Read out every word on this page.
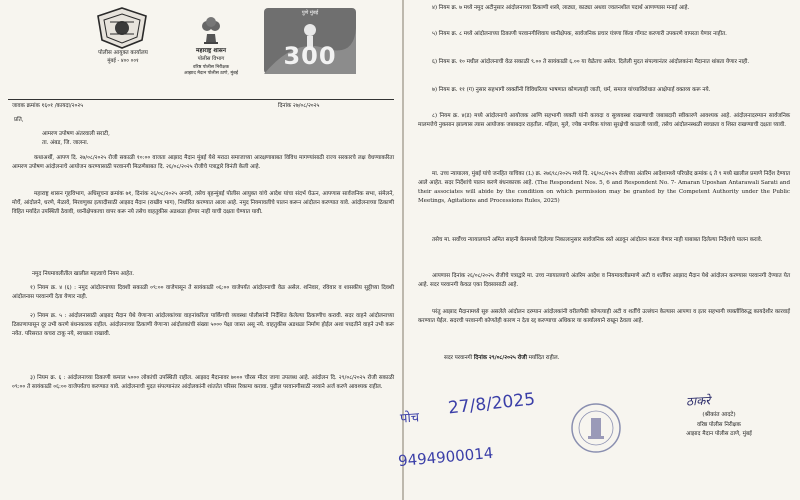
पोलीस आयुक्त कार्यालय
मुंबई - ४०० ००१
महाराष्ट्र शासन
पोलीस विभाग
वरिष्ठ पोलीस निरीक्षक
आझाद मैदान पोलीस ठाणे, मुंबई
300
पुणे मुंबई
जावक क्रमांक १६०१ /कायदा/२०२५	दिनांक २७/०८/२०२५
प्रति,
आमरण उपोषण अंतरवाली सराटी,
ता. अंबड, जि. जालना.
कथाअर्थी, आपण दि. २७/०८/२०२५ रोजी सकाळी १०:०० वाजता आझाद मैदान मुंबई येथे मराठा समाजाच्या आरक्षणाबाबत विविध मागण्यांसाठी राज्य सरकारचे लक्ष वेधण्याकरिता आमरण उपोषण आंदोलनाचे आयोजन करण्यासाठी परवानगी मिळणेबाबत दि. २६/०८/२०२५ रोजीचे पत्राद्वारे विनंती केली आहे.
महाराष्ट्र शासन गृहविभाग, अधिसूचना क्रमांक ७१, दिनांक २६/०८/२०२५ अन्वये, तसेच बृहन्मुंबई पोलीस आयुक्त यांचे आदेश यांचा संदर्भ घेऊन, आपणास सार्वजनिक सभा, संमेलने, मोर्चे, आंदोलने, धरणे, मेळावे, मिरवणुका इत्यादीसाठी आझाद मैदान (राखीव भाग), निर्धारित करण्यात आला आहे. नमुद नियमावलीचे पालन करून आंदोलन करण्यात यावे. आंदोलनाच्या ठिकाणी विहित मर्यादेत उपस्थिती ठेवावी, ध्वनीक्षेपकाचा वापर करू नये तसेच वाहतुकीस अडथळा होणार नाही याची दक्षता घेण्यात यावी.
नमुद नियमावलीतील खालील महत्वाचे नियम आहेत.
१) नियम क्र. ४ (६) : नमुद आंदोलनाच्या दिवशी सकाळी ०९:०० वाजेपासून ते सायंकाळी ०६:०० वाजेपर्यंत आंदोलनाची वेळ असेल. शनिवार, रविवार व शासकीय सुट्टीच्या दिवशी आंदोलनास परवानगी देता येणार नाही.
२) नियम क्र. ५ : आंदोलनासाठी आझाद मैदान येथे येणाऱ्या आंदोलकांच्या वाहनांकरिता पार्किंगची व्यवस्था पोलीसांनी निर्देशित केलेल्या ठिकाणीच करावी. सदर वाहने आंदोलनाच्या ठिकाणापासून दूर उभी करणे बंधनकारक राहील. आंदोलनाच्या ठिकाणी येणाऱ्या आंदोलकांची संख्या ५००० पेक्षा जास्त असू नये. वाहतुकीस अडथळा निर्माण होईल अशा पध्दतीने वाहने उभी करू नयेत. परिसरात कचरा टाकू नये, स्वच्छता राखावी.
३) नियम क्र. ६ : आंदोलनाच्या ठिकाणी कमाल ५००० लोकांची उपस्थिती राहील. आझाद मैदानावर ७००० चौरस मीटर जागा उपलब्ध आहे. आंदोलन दि. २९/०८/२०२५ रोजी सकाळी ०९:०० ते सायंकाळी ०६:०० वाजेपर्यंतच करण्यात यावे. आंदोलनाची मुदत संपल्यानंतर आंदोलकांनी शांततेत परिसर रिकामा करावा. पुढील परवानगीसाठी नव्याने अर्ज करणे आवश्यक राहील.
४) नियम क्र. ७ मध्ये नमुद अटीनुसार आंदोलनाच्या ठिकाणी शस्त्रे, लाठ्या, काठ्या अथवा ज्वलनशील पदार्थ आणण्यास मनाई आहे.
५) नियम क्र. ८ मध्ये आंदोलनाच्या ठिकाणी परवानगीशिवाय ध्वनीक्षेपक, सार्वजनिक प्रचार यंत्रणा किंवा गोंगाट करणारी उपकरणे वापरता येणार नाहीत.
६) नियम क्र. १० मधील आंदोलनाची वेळ सकाळी ९.०० ते सायंकाळी ६.०० या वेळेतच असेल. दिलेली मुदत संपल्यानंतर आंदोलकांना मैदानात थांबता येणार नाही.
७) नियम क्र. ११ (ग) नुसार सहभागी व्यक्तींनी विविधरित्या भाषणात कोणत्याही जाती, धर्म, समाज यांच्याविरोधात आक्षेपार्ह वक्तव्य करू नये.
८) नियम क्र. ४(ड) मध्ये आंदोलनाचे आयोजक आणि सहभागी व्यक्ती यांनी कायदा व सुव्यवस्था राखण्याची जबाबदारी स्वीकारणे आवश्यक आहे. आंदोलनादरम्यान सार्वजनिक मालमत्तेचे नुकसान झाल्यास त्यास आयोजक जबाबदार राहतील. महिला, मुले, ज्येष्ठ नागरिक यांच्या सुरक्षेची काळजी घ्यावी, तसेच आंदोलनस्थळी स्वच्छता व शिस्त राखण्याची दक्षता घ्यावी.
मा. उच्च न्यायालय, मुंबई यांचे जनहित याचिका (L) क्र. २७६९८/२०२५ मध्ये दि. २६/०८/२०२५ रोजीच्या अंतरिम आदेशामध्ये परिच्छेद क्रमांक ६ ते ९ मध्ये खालील प्रमाणे निर्देश देण्यात आले आहेत. सदर निर्देशांचे पालन करणे बंधनकारक आहे. (The Respondent Nos. 5, 6 and Respondent No. 7- Amaran Uposhan Antarawali Sarati and their associates will abide by the condition on which permission may be granted by the Competent Authority under the Public Meetings, Agitations and Processions Rules, 2025)
तसेच मा. सर्वोच्च न्यायालयाने अमित साहनी केसमध्ये दिलेल्या निकालानुसार सार्वजनिक रस्ते अडवून आंदोलन करता येणार नाही याबाबत दिलेल्या निर्देशांचे पालन करावे.
आपणास दिनांक २६/०८/२०२५ रोजीचे पत्राद्वारे मा. उच्च न्यायालयाचे अंतरिम आदेश व नियमावलीप्रमाणे अटी व शर्तींवर आझाद मैदान येथे आंदोलन करण्यास परवानगी देण्यात येत आहे. सदर परवानगी केवळ एका दिवसासाठी आहे.
परंतु आझाद मैदानामध्ये सुरु असलेले आंदोलन दरम्यान आंदोलकांनी वरीलपैकी कोणत्याही अटी व शर्तींचे उल्लंघन केल्यास आपणा व इतर सहभागी व्यक्तींविरुद्ध कायदेशीर कारवाई करण्यात येईल. सदरची परवानगी कोणतेही कारण न देता रद्द करण्याचा अधिकार या कार्यालयाने राखून ठेवला आहे.
सदर परवानगी दिनांक २९/०८/२०२५ रोजी मर्यादित राहील.
पोच 27/8/2025
9494900014
ठाकरे
(श्रीकांत आदटे)
वरिष्ठ पोलीस निरीक्षक
आझाद मैदान पोलीस ठाणे, मुंबई
